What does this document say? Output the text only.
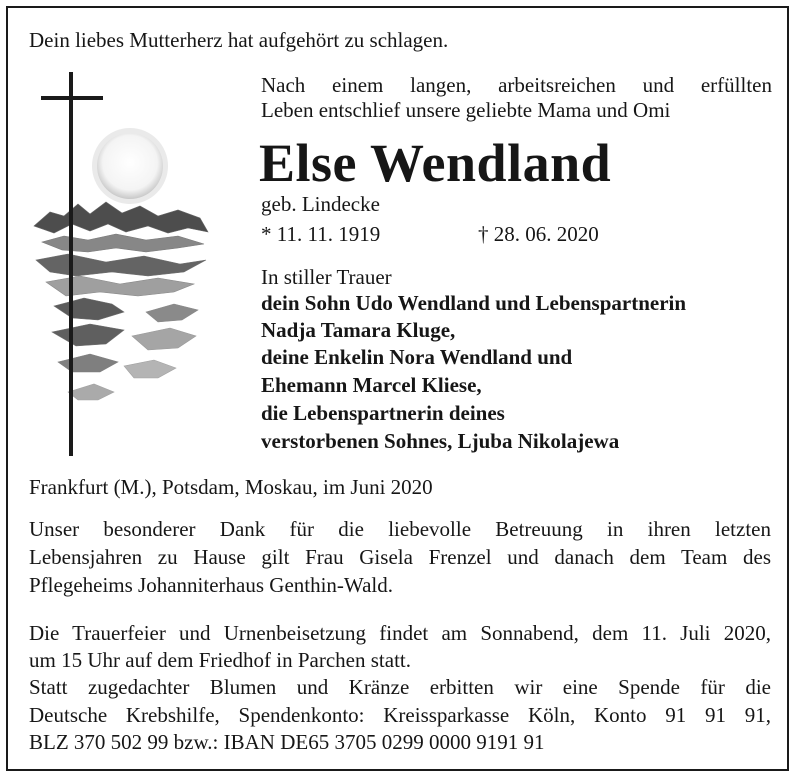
Dein liebes Mutterherz hat aufgehört zu schlagen.
Nach einem langen, arbeitsreichen und erfüllten
Leben entschlief unsere geliebte Mama und Omi
Else Wendland
geb. Lindecke
* 11. 11. 1919	† 28. 06. 2020
In stiller Trauer
dein Sohn Udo Wendland und Lebenspartnerin
Nadja Tamara Kluge,
deine Enkelin Nora Wendland und
Ehemann Marcel Kliese,
die Lebenspartnerin deines
verstorbenen Sohnes, Ljuba Nikolajewa
Frankfurt (M.), Potsdam, Moskau, im Juni 2020
Unser besonderer Dank für die liebevolle Betreuung in ihren letzten
Lebensjahren zu Hause gilt Frau Gisela Frenzel und danach dem Team des
Pflegeheims Johanniterhaus Genthin-Wald.
Die Trauerfeier und Urnenbeisetzung findet am Sonnabend, dem 11. Juli 2020,
um 15 Uhr auf dem Friedhof in Parchen statt.
Statt zugedachter Blumen und Kränze erbitten wir eine Spende für die
Deutsche Krebshilfe, Spendenkonto: Kreissparkasse Köln, Konto 91 91 91,
BLZ 370 502 99 bzw.: IBAN DE65 3705 0299 0000 9191 91
